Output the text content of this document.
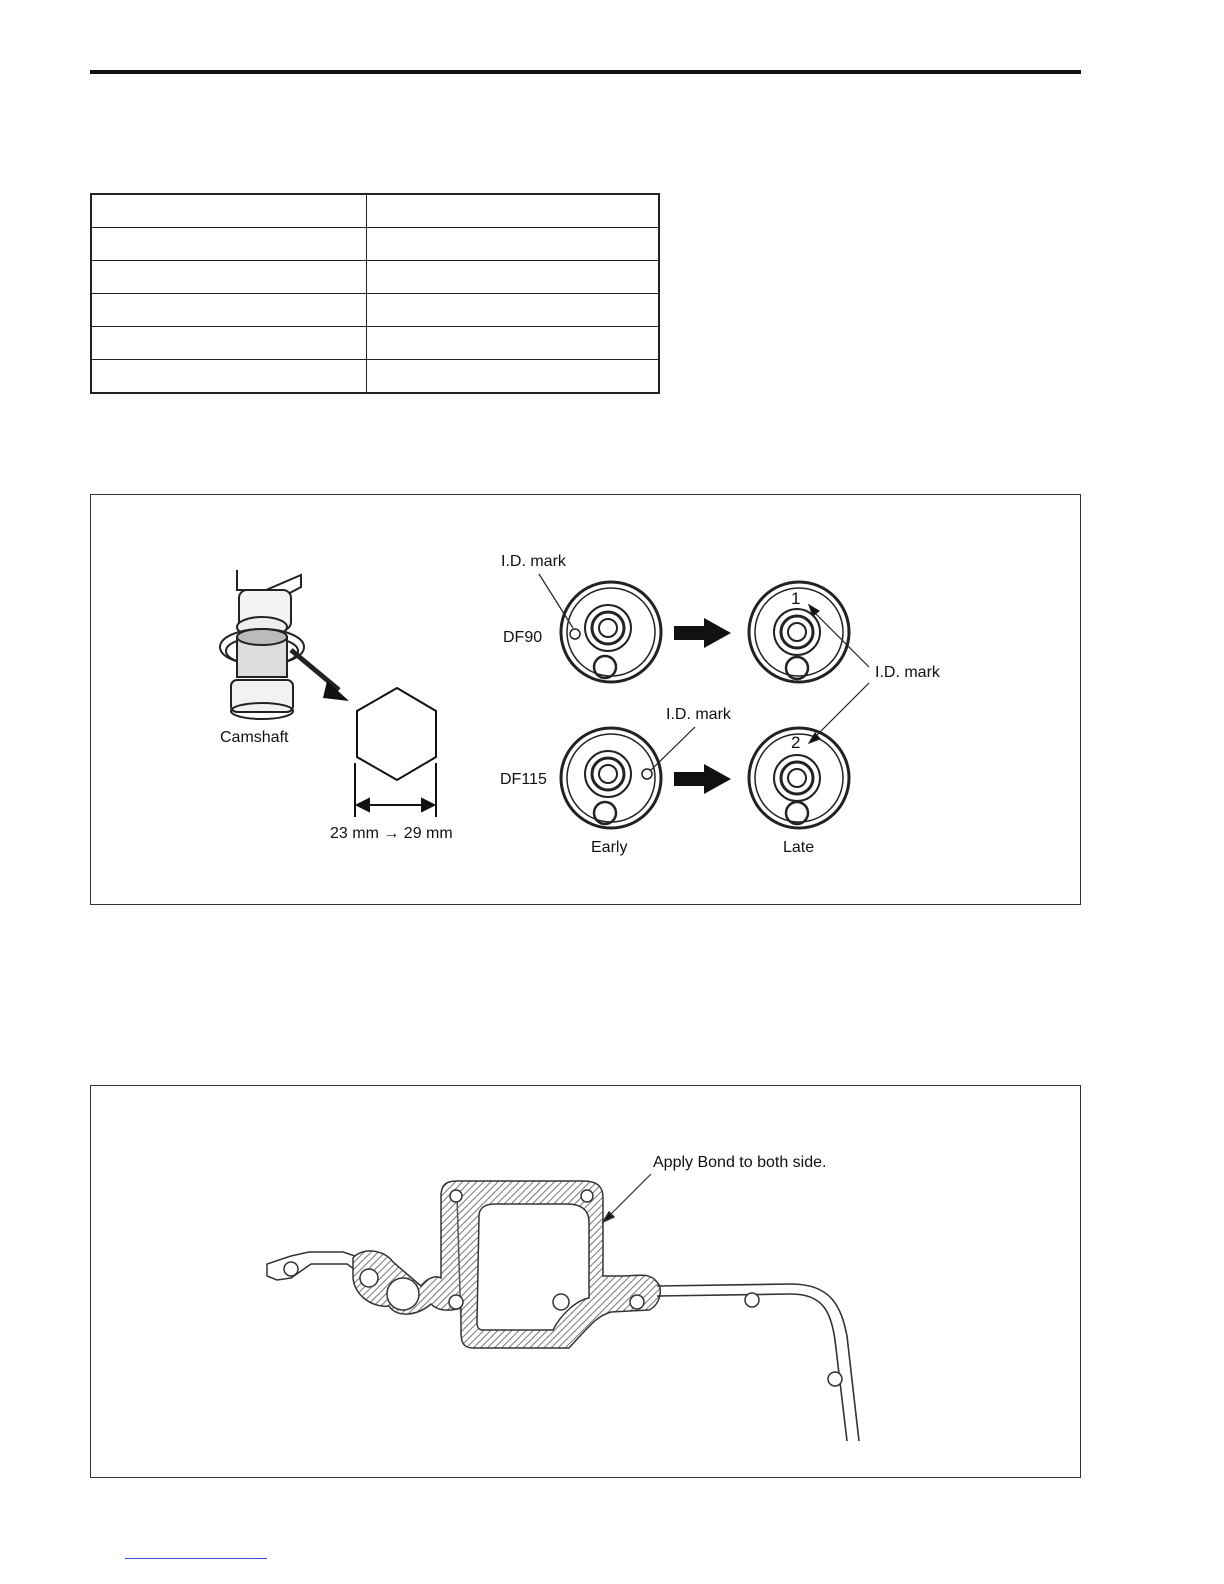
Camshaft
23 mm → 29 mm
I.D. mark
I.D. mark
I.D. mark
DF90
DF115
Early	Late
1
2
Apply Bond to both side.
